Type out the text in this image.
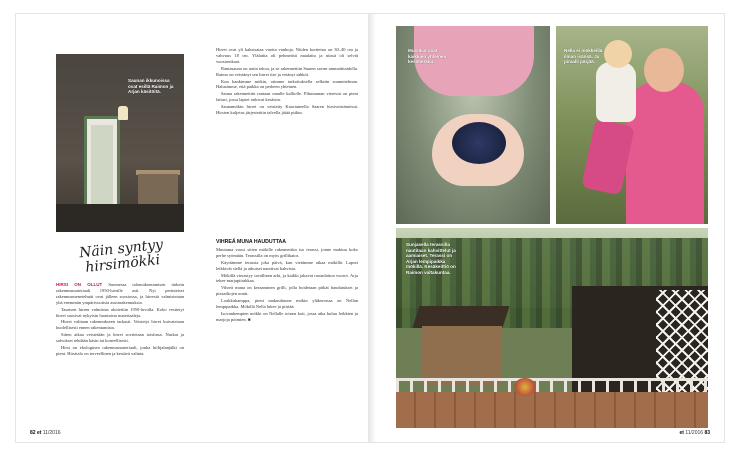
Saunan ikkunoissa ovat esillä Raimon ja Arjan käsitöitä.
Näin syntyy hirsimökki

HIRSI ON OLLUT Suomessa talonrakentamisen tärkein rakennusmateriaali 1950-luvulle asti. Nyt perinteiset rakennusmenetelmät ovat jälleen suosiossa, ja hirrestä valmistetaan yhä enemmän ympärivuotisia asuinrakennuksia.

Tasaisen hirren valmistus aloitettiin 1950-luvulla. Koko vesitetyt hirret suosivat nykyisin luontaisia materiaaleja.

Hirret valitaan rakennukseen tarkasti. Veistetyt hirret kuivatetaan huolellisesti ennen rakentamista.

Sitten aikaa veistetään ja hirret sovitetaan toisiinsa. Nurkat ja salvokset tehdään käsin tai koneellisesti.

Hirsi on ekologinen rakennusmateriaali, jonka hiilijalanjälki on pieni. Hirsitalo on terveellinen ja kestävä valinta.

Hirret ovat yli kaksisataa vuotta vanhoja. Niiden kortteina on 30–40 cm ja vahvuus 18 cm. Ylälattia oli pehmeästi maalattu ja niissä oli selvät vuosirenkaat.

Rantasauna on uutta tekoa, ja se rakennettiin Saaren savun ammattitaidolla. Raimo on veistänyt sen hirret itse ja vetänyt sähköt.

Kun hankimme mökin, otimme tarkoituksella selkeän suunnitelman. Halusimme, että paikka on perheen yhteinen.

Sauna rakennettiin rantaan omalle kalliolle. Pihasaunan vieressä on pieni laituri, jossa lapset onkivat kesäisin.

Saunamökin hirret on veistetty Kuortaneella Saaren hirsiveistämössä. Hirsien kuljetus järjestettiin talvella jäätä pitkin.

VIHREÄ MUNA HAUDUTTAA

Muutama vuosi sitten mökille rakennettiin iso terassi, jonne mahtuu koko perhe syömään. Terassilla on myös grillikatos.

Käyttämme terassia joka päivä, kun vietämme aikaa mökillä. Lapset leikkivät siellä ja aikuiset nauttivat kahvista.

Mökillä vierastyy tavallinen arki, ja kaikki jakavat ruoanlaiton vuorot. Arja tekee marjapiirakkaa.

Vihreä muna on keraaminen grilli, jolla hoidetaan pitkät haudutukset ja pizzailtojen uunit.

Loukkukamppa, pieni makuuhuone mökin yläkerrassa on Nellan lempipaikka. Mökillä Nella lukee ja piirtää.

Isovanhempien mökki on Nellalle toinen koti, jossa aika kuluu leikkien ja marjoja poimien. ■

82 et 11/2016
Mustikat ovat kaikkien yhteinen kesäherkku.
Nella ei mökkeillä ilman isänsä. Ja piraalli pärjää.
Sunjasella terassilla nautitaan kahvittelut ja aamiaiset. Terassi on Arjan lempipaikka mökillä. Kesäkeittiö on Raimon valtakuntaa.
et 11/2016 83
